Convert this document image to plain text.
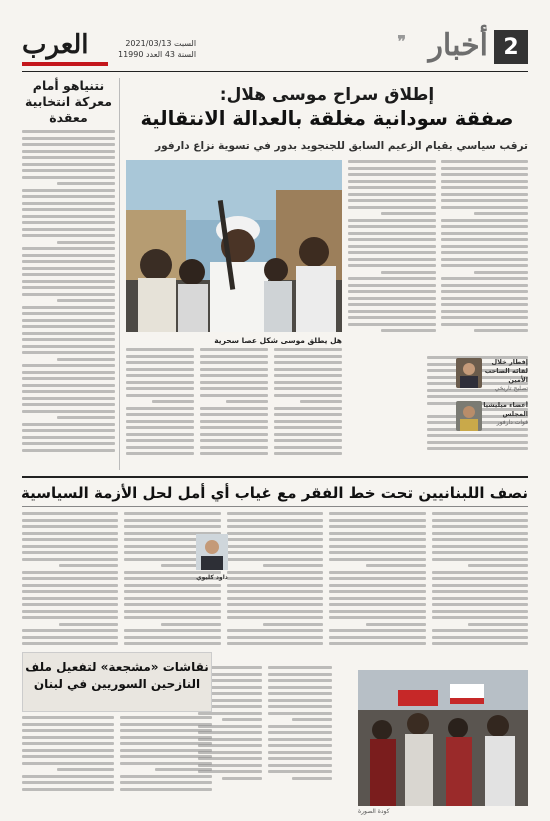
2
أخبار
❞
العرب	السبت 2021/03/13
السنة 43 العدد 11990
نتنياهو أمام معركة انتخابية معقدة
إطلاق سراح موسى هلال:
صفقة سودانية مغلقة بالعدالة الانتقالية
ترقب سياسي بقيام الزعيم السابق للجنجويد بدور في تسوية نزاع دارفور
إفطار خلال لقائه الصاحب الأمين
تصليح تاريخي
أعضاء ميليشيا المجلس
قوات دارفور
هل يطلق موسى شكل عصا سحرية
نصف اللبنانيين تحت خط الفقر مع غياب أي أمل لحل الأزمة السياسية
داود كليوي
نقاشات «مشجعة» لتفعيل ملف النازحين السوريين في لبنان
كودة الصورة
